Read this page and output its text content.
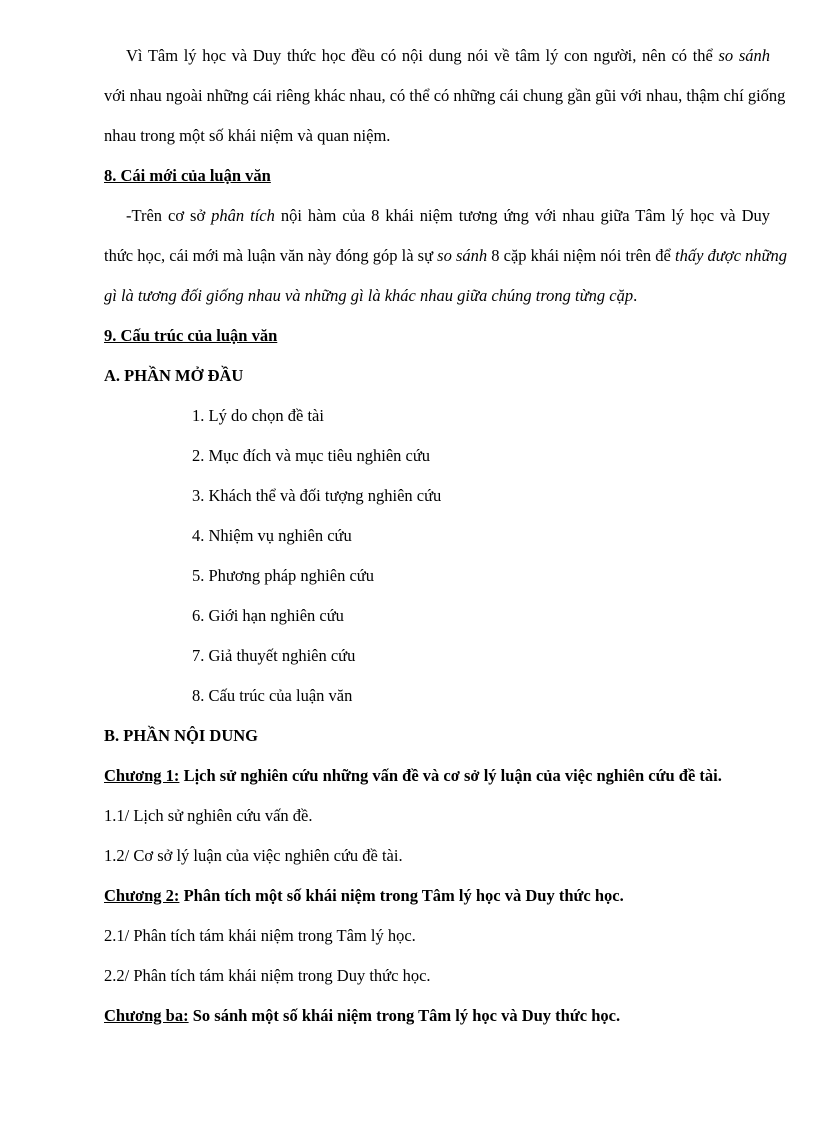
Vì Tâm lý học và Duy thức học đều có nội dung nói về tâm lý con người, nên có thể so sánh
với nhau ngoài những cái riêng khác nhau, có thể có những cái chung gần gũi với nhau, thậm chí giống
nhau trong một số khái niệm và quan niệm.
8. Cái mới của luận văn
-Trên cơ sở phân tích nội hàm của 8 khái niệm tương ứng với nhau giữa Tâm lý học và Duy
thức học, cái mới mà luận văn này đóng góp là sự so sánh 8 cặp khái niệm nói trên để thấy được những
gì là tương đối giống nhau và những gì là khác nhau giữa chúng trong từng cặp.
9. Cấu trúc của luận văn
A. PHẦN MỞ ĐẦU
1. Lý do chọn đề tài
2. Mục đích và mục tiêu nghiên cứu
3. Khách thể và đối tượng nghiên cứu
4. Nhiệm vụ nghiên cứu
5. Phương pháp nghiên cứu
6. Giới hạn nghiên cứu
7. Giả thuyết nghiên cứu
8. Cấu trúc của luận văn
B. PHẦN NỘI DUNG
Chương 1: Lịch sử nghiên cứu những vấn đề và cơ sở lý luận của việc nghiên cứu đề tài.
1.1/ Lịch sử nghiên cứu vấn đề.
1.2/ Cơ sở lý luận của việc nghiên cứu đề tài.
Chương 2: Phân tích một số khái niệm trong Tâm lý học và Duy thức học.
2.1/ Phân tích tám khái niệm trong Tâm lý học.
2.2/ Phân tích tám khái niệm trong Duy thức học.
Chương ba: So sánh một số khái niệm trong Tâm lý học và Duy thức học.
